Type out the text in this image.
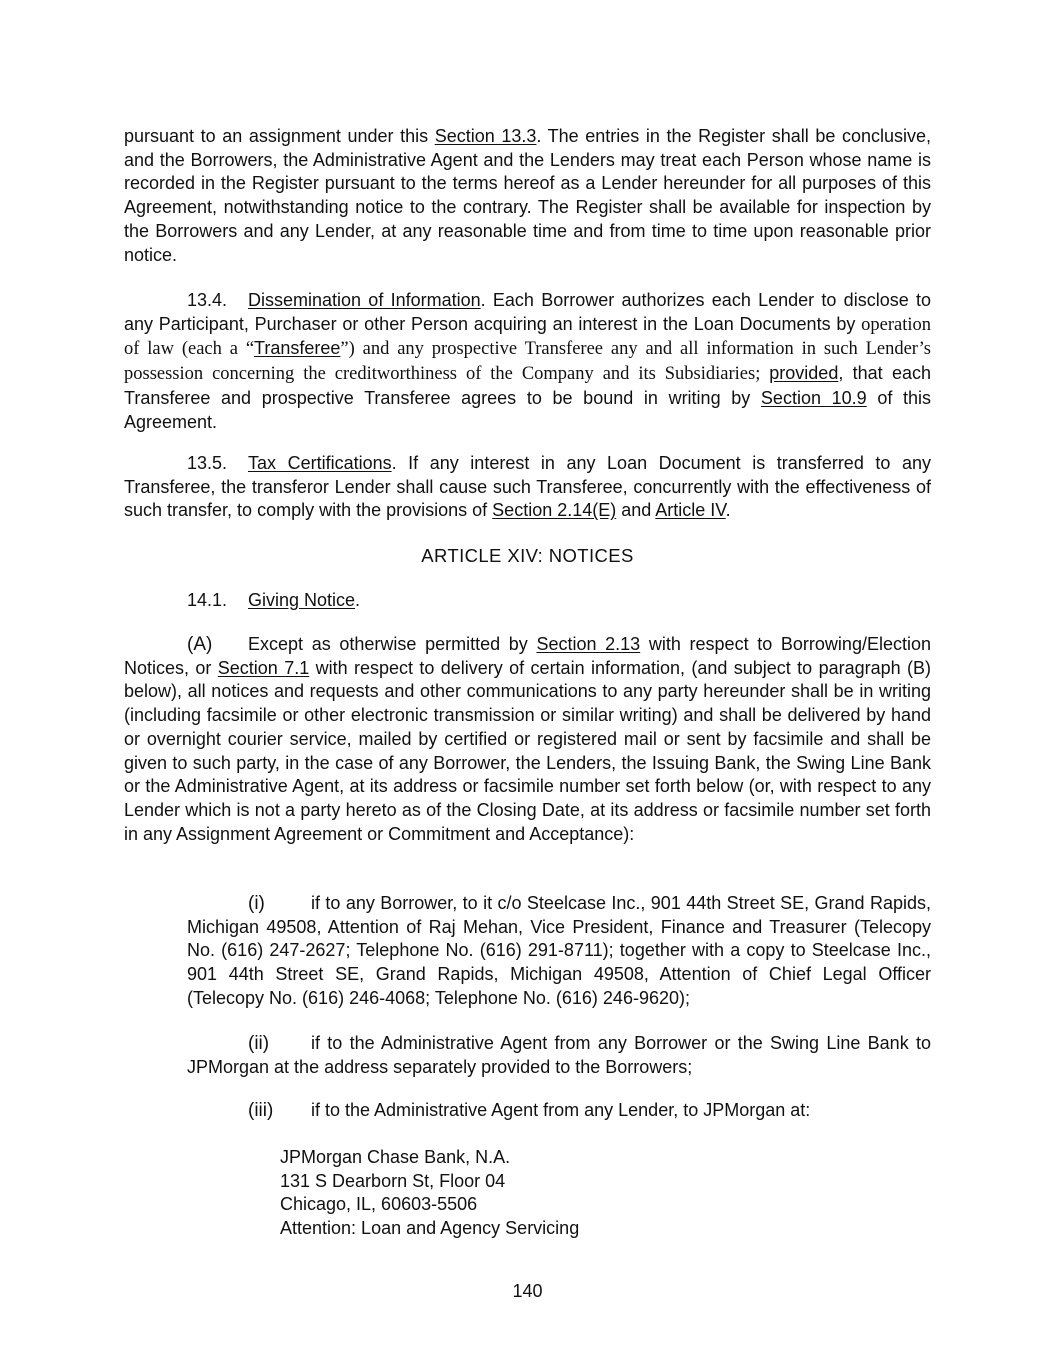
pursuant to an assignment under this Section 13.3. The entries in the Register shall be conclusive, and the Borrowers, the Administrative Agent and the Lenders may treat each Person whose name is recorded in the Register pursuant to the terms hereof as a Lender hereunder for all purposes of this Agreement, notwithstanding notice to the contrary. The Register shall be available for inspection by the Borrowers and any Lender, at any reasonable time and from time to time upon reasonable prior notice.

13.4. Dissemination of Information. Each Borrower authorizes each Lender to disclose to any Participant, Purchaser or other Person acquiring an interest in the Loan Documents by operation of law (each a “Transferee”) and any prospective Transferee any and all information in such Lender’s possession concerning the creditworthiness of the Company and its Subsidiaries; provided, that each Transferee and prospective Transferee agrees to be bound in writing by Section 10.9 of this Agreement.

13.5. Tax Certifications. If any interest in any Loan Document is transferred to any Transferee, the transferor Lender shall cause such Transferee, concurrently with the effectiveness of such transfer, to comply with the provisions of Section 2.14(E) and Article IV.

ARTICLE XIV: NOTICES

14.1. Giving Notice.

(A) Except as otherwise permitted by Section 2.13 with respect to Borrowing/Election Notices, or Section 7.1 with respect to delivery of certain information, (and subject to paragraph (B) below), all notices and requests and other communications to any party hereunder shall be in writing (including facsimile or other electronic transmission or similar writing) and shall be delivered by hand or overnight courier service, mailed by certified or registered mail or sent by facsimile and shall be given to such party, in the case of any Borrower, the Lenders, the Issuing Bank, the Swing Line Bank or the Administrative Agent, at its address or facsimile number set forth below (or, with respect to any Lender which is not a party hereto as of the Closing Date, at its address or facsimile number set forth in any Assignment Agreement or Commitment and Acceptance):

(i)	if to any Borrower, to it c/o Steelcase Inc., 901 44th Street SE, Grand Rapids, Michigan 49508, Attention of Raj Mehan, Vice President, Finance and Treasurer (Telecopy No. (616) 247-2627; Telephone No. (616) 291-8711); together with a copy to Steelcase Inc., 901 44th Street SE, Grand Rapids, Michigan 49508, Attention of Chief Legal Officer (Telecopy No. (616) 246-4068; Telephone No. (616) 246-9620);

(ii) if to the Administrative Agent from any Borrower or the Swing Line Bank to JPMorgan at the address separately provided to the Borrowers;

(iii) if to the Administrative Agent from any Lender, to JPMorgan at:

JPMorgan Chase Bank, N.A.
131 S Dearborn St, Floor 04
Chicago, IL, 60603-5506
Attention: Loan and Agency Servicing
140
